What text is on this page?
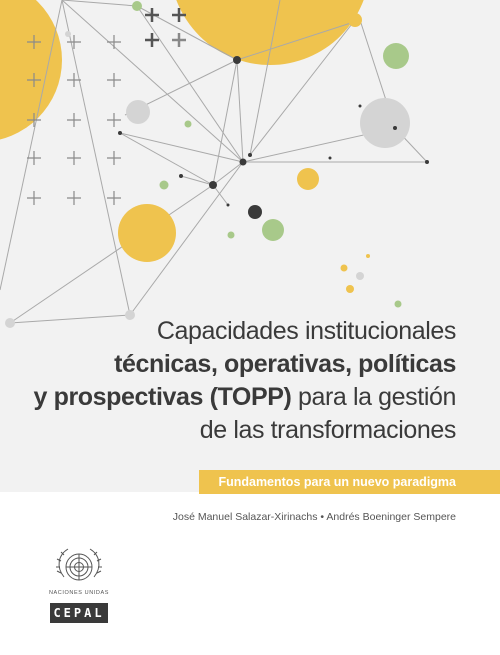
Capacidades institucionales
técnicas, operativas, políticas
y prospectivas (TOPP) para la gestión
de las transformaciones
Fundamentos para un nuevo paradigma
José Manuel Salazar-Xirinachs • Andrés Boeninger Sempere
NACIONES UNIDAS
CEPAL
